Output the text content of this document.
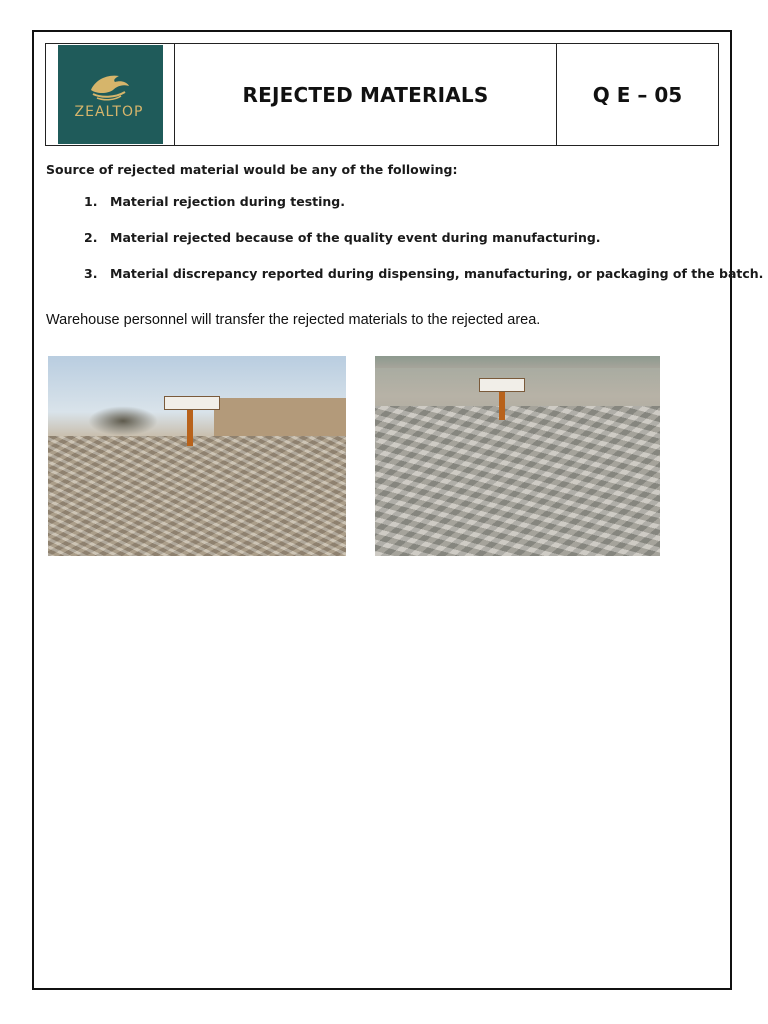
ZEALTOP
REJECTED MATERIALS	Q E – 05
Source of rejected material would be any of the following:
1.	Material rejection during testing.
2.	Material rejected because of the quality event during manufacturing.
3.	Material discrepancy reported during dispensing, manufacturing, or packaging of the batch.
Warehouse personnel will transfer the rejected materials to the rejected area.
